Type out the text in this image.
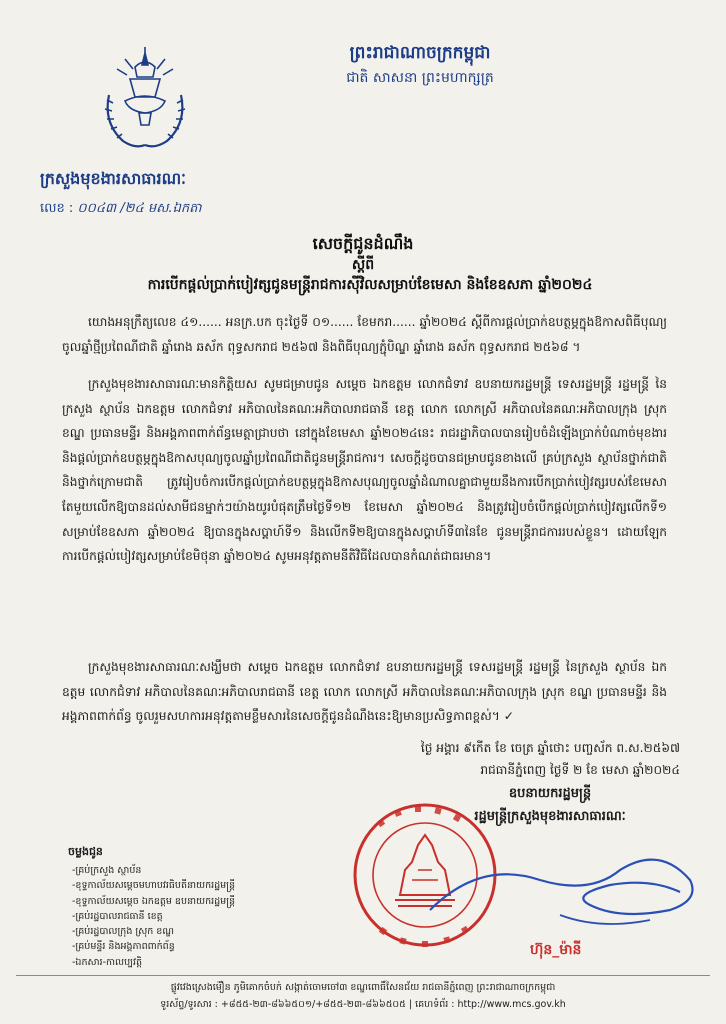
ព្រះរាជាណាចក្រកម្ពុជា
ជាតិ សាសនា ព្រះមហាក្សត្រ
ក្រសួងមុខងារសាធារណៈ
លេខ : ០០៤៣ /២៤ មស.ឯកតា
សេចក្តីជូនដំណឹង
ស្តីពី
ការបើកផ្តល់ប្រាក់បៀវត្សជូនមន្ត្រីរាជការស៊ីវិលសម្រាប់ខែមេសា និងខែឧសភា ឆ្នាំ២០២៤
យោងអនុក្រឹត្យលេខ ៤១...... អនក្រ.បក ចុះថ្ងៃទី ០១...... ខែមករា...... ឆ្នាំ២០២៤ ស្តីពីការផ្តល់ប្រាក់ឧបត្ថម្ភក្នុងឱកាសពិធីបុណ្យចូលឆ្នាំថ្មីប្រពៃណីជាតិ ឆ្នាំរោង ឆស័ក ពុទ្ធសករាជ ២៥៦៧ និងពិធីបុណ្យភ្ជុំបិណ្ឌ ឆ្នាំរោង ឆស័ក ពុទ្ធសករាជ ២៥៦៨ ។
ក្រសួងមុខងារសាធារណៈមានកិត្តិយស សូមជម្រាបជូន សម្តេច ឯកឧត្តម លោកជំទាវ ឧបនាយករដ្ឋមន្ត្រី ទេសរដ្ឋមន្ត្រី រដ្ឋមន្ត្រី នៃក្រសួង ស្ថាប័ន ឯកឧត្តម លោកជំទាវ អភិបាលនៃគណៈអភិបាលរាជធានី ខេត្ត លោក លោកស្រី អភិបាលនៃគណៈអភិបាលក្រុង ស្រុក ខណ្ឌ ប្រធានមន្ទីរ និងអង្គភាពពាក់ព័ន្ធមេត្តាជ្រាបថា នៅក្នុងខែមេសា ឆ្នាំ២០២៤នេះ រាជរដ្ឋាភិបាលបានរៀបចំដំឡើងប្រាក់បំណាច់មុខងារ និងផ្តល់ប្រាក់ឧបត្ថម្ភក្នុងឱកាសបុណ្យចូលឆ្នាំប្រពៃណីជាតិជូនមន្ត្រីរាជការ។ សេចក្តីដូចបានជម្រាបជូនខាងលើ គ្រប់ក្រសួង ស្ថាប័នថ្នាក់ជាតិ និងថ្នាក់ក្រោមជាតិ ត្រូវរៀបចំការបើកផ្តល់ប្រាក់ឧបត្ថម្ភក្នុងឱកាសបុណ្យចូលឆ្នាំដំណាលគ្នាជាមួយនឹងការបើកប្រាក់បៀវត្សរបស់ខែមេសាតែមួយលើកឱ្យបានដល់សាមីជនម្នាក់ៗយ៉ាងយូរបំផុតត្រឹមថ្ងៃទី១២ ខែមេសា ឆ្នាំ២០២៤ និងត្រូវរៀបចំបើកផ្តល់ប្រាក់បៀវត្សលើកទី១ សម្រាប់ខែឧសភា ឆ្នាំ២០២៤ ឱ្យបានក្នុងសប្តាហ៍ទី១ និងលើកទី២ឱ្យបានក្នុងសប្តាហ៍ទី៣នៃខែ ជូនមន្ត្រីរាជការរបស់ខ្លួន។ ដោយឡែកការបើកផ្តល់បៀវត្សសម្រាប់ខែមិថុនា ឆ្នាំ២០២៤ សូមអនុវត្តតាមនីតិវិធីដែលបានកំណត់ជាធរមាន។
ក្រសួងមុខងារសាធារណៈសង្ឃឹមថា សម្តេច ឯកឧត្តម លោកជំទាវ ឧបនាយករដ្ឋមន្ត្រី ទេសរដ្ឋមន្ត្រី រដ្ឋមន្ត្រី នៃក្រសួង ស្ថាប័ន ឯកឧត្តម លោកជំទាវ អភិបាលនៃគណៈអភិបាលរាជធានី ខេត្ត លោក លោកស្រី អភិបាលនៃគណៈអភិបាលក្រុង ស្រុក ខណ្ឌ ប្រធានមន្ទីរ និងអង្គភាពពាក់ព័ន្ធ ចូលរួមសហការអនុវត្តតាមខ្លឹមសារនៃសេចក្តីជូនដំណឹងនេះឱ្យមានប្រសិទ្ធភាពខ្ពស់។ ✓
ថ្ងៃ អង្គារ ៩កើត ខែ ចេត្រ ឆ្នាំថោះ បញ្ចស័ក ព.ស.២៥៦៧
រាជធានីភ្នំពេញ ថ្ងៃទី ២ ខែ មេសា ឆ្នាំ២០២៤
ឧបនាយករដ្ឋមន្ត្រី
រដ្ឋមន្ត្រីក្រសួងមុខងារសាធារណៈ
ហ៊ុន_ម៉ានី
ចម្លងជូន
-គ្រប់ក្រសួង ស្ថាប័ន
-ខុទ្ទកាល័យសម្តេចមហាបវរធិបតីនាយករដ្ឋមន្ត្រី
-ខុទ្ទកាល័យសម្តេច ឯកឧត្តម ឧបនាយករដ្ឋមន្ត្រី
-គ្រប់រដ្ឋបាលរាជធានី ខេត្ត
-គ្រប់រដ្ឋបាលក្រុង ស្រុក ខណ្ឌ
-គ្រប់មន្ទីរ និងអង្គភាពពាក់ព័ន្ធ
-ឯកសារ-កាលប្បវត្តិ
ផ្លូវវេងស្រេងម៉ឿន ភូមិគោកចំបក់ សង្កាត់ចោមចៅ៣ ខណ្ឌពោធិ៍សែនជ័យ រាជធានីភ្នំពេញ ព្រះរាជាណាចក្រកម្ពុជា
ទូរស័ព្ទ/ទូរសារ : +៨៥៥-២៣-៨៦៦៥០១/+៨៥៥-២៣-៨៦៦៥០៥ | គេហទំព័រ : http://www.mcs.gov.kh
